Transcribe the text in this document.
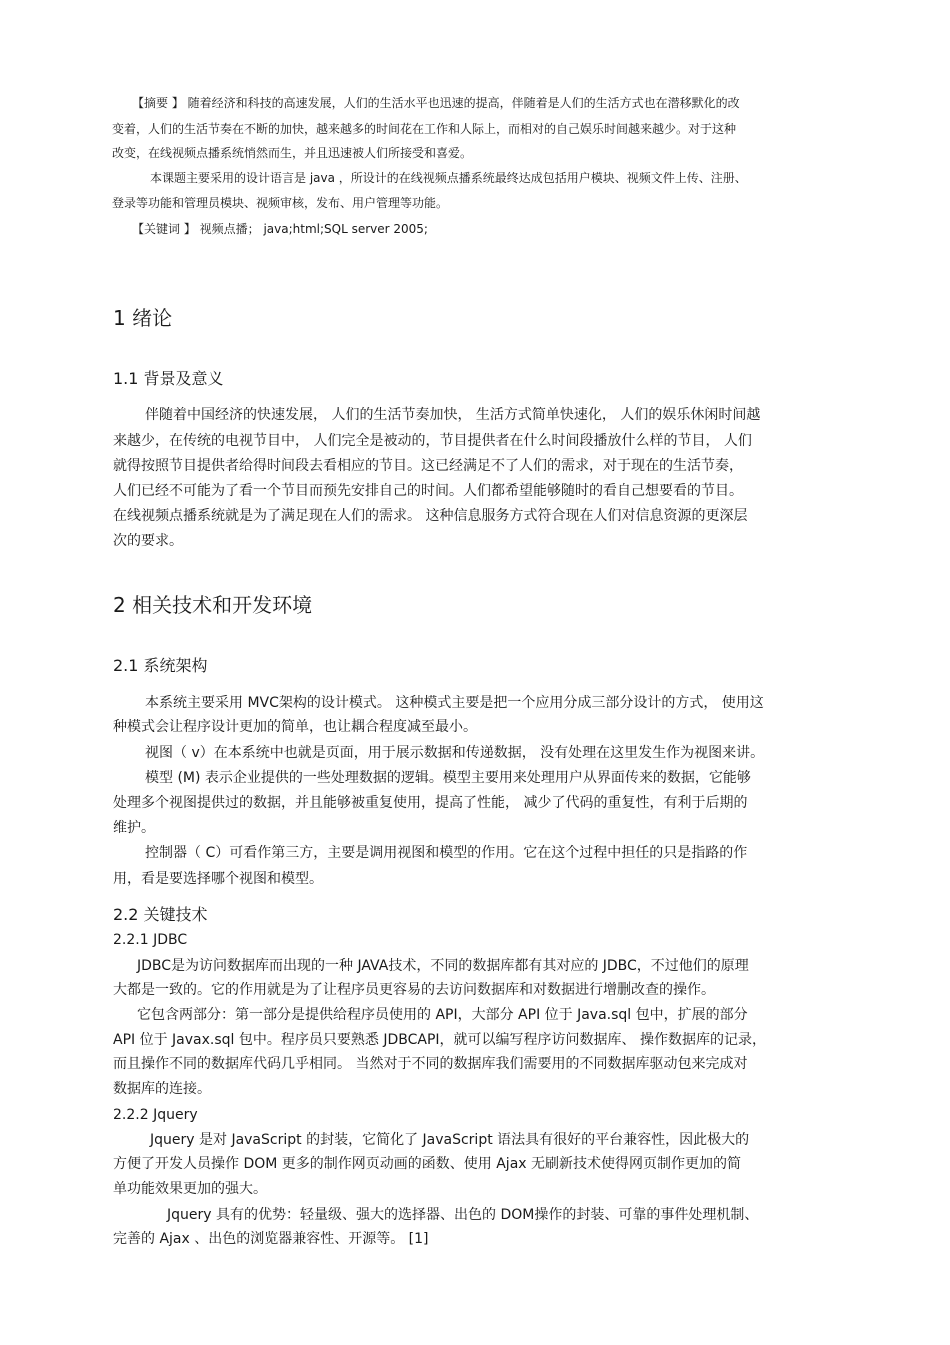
【摘要 】 随着经济和科技的高速发展，人们的生活水平也迅速的提高，伴随着是人们的生活方式也在潜移默化的改
变着，人们的生活节奏在不断的加快，越来越多的时间花在工作和人际上，而相对的自己娱乐时间越来越少。对于这种
改变，在线视频点播系统悄然而生，并且迅速被人们所接受和喜爱。
本课题主要采用的设计语言是 java ，所设计的在线视频点播系统最终达成包括用户模块、视频文件上传、注册、
登录等功能和管理员模块、视频审核，发布、用户管理等功能。
【关键词 】 视频点播； java;html;SQL server 2005;
1 绪论
1.1 背景及意义
伴随着中国经济的快速发展， 人们的生活节奏加快， 生活方式简单快速化， 人们的娱乐休闲时间越
来越少，在传统的电视节目中， 人们完全是被动的，节目提供者在什么时间段播放什么样的节目， 人们
就得按照节目提供者给得时间段去看相应的节目。这已经满足不了人们的需求，对于现在的生活节奏，
人们已经不可能为了看一个节目而预先安排自己的时间。人们都希望能够随时的看自己想要看的节目。
在线视频点播系统就是为了满足现在人们的需求。 这种信息服务方式符合现在人们对信息资源的更深层
次的要求。
2 相关技术和开发环境
2.1 系统架构
本系统主要采用 MVC架构的设计模式。 这种模式主要是把一个应用分成三部分设计的方式， 使用这
种模式会让程序设计更加的简单，也让耦合程度减至最小。
视图（ v）在本系统中也就是页面，用于展示数据和传递数据， 没有处理在这里发生作为视图来讲。
模型 (M) 表示企业提供的一些处理数据的逻辑。模型主要用来处理用户从界面传来的数据，它能够
处理多个视图提供过的数据，并且能够被重复使用，提高了性能， 减少了代码的重复性，有利于后期的
维护。
控制器（ C）可看作第三方，主要是调用视图和模型的作用。它在这个过程中担任的只是指路的作
用，看是要选择哪个视图和模型。
2.2 关键技术
2.2.1 JDBC
JDBC是为访问数据库而出现的一种 JAVA技术，不同的数据库都有其对应的 JDBC，不过他们的原理
大都是一致的。它的作用就是为了让程序员更容易的去访问数据库和对数据进行增删改查的操作。
它包含两部分：第一部分是提供给程序员使用的 API，大部分 API 位于 Java.sql 包中，扩展的部分
API 位于 Javax.sql 包中。程序员只要熟悉 JDBCAPI，就可以编写程序访问数据库、 操作数据库的记录，
而且操作不同的数据库代码几乎相同。 当然对于不同的数据库我们需要用的不同数据库驱动包来完成对
数据库的连接。
2.2.2 Jquery
Jquery 是对 JavaScript 的封装，它简化了 JavaScript 语法具有很好的平台兼容性，因此极大的
方便了开发人员操作 DOM 更多的制作网页动画的函数、使用 Ajax 无刷新技术使得网页制作更加的简
单功能效果更加的强大。
Jquery 具有的优势：轻量级、强大的选择器、出色的 DOM操作的封装、可靠的事件处理机制、
完善的 Ajax 、出色的浏览器兼容性、开源等。 [1]
